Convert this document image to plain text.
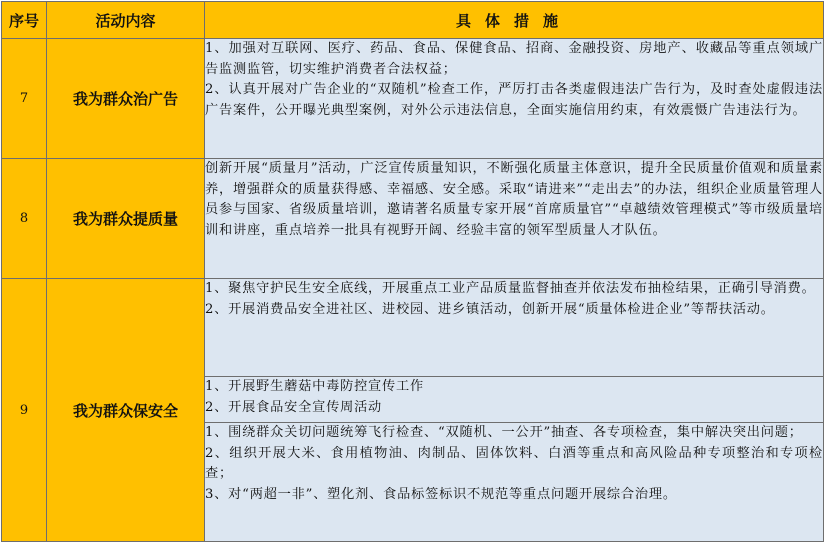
序号	活动内容	具体措施
7	我为群众治广告	1、加强对互联网、医疗、药品、食品、保健食品、招商、金融投资、房地产、收藏品等重点领域广告监测监管，切实维护消费者合法权益；

2、认真开展对广告企业的“双随机”检查工作，严厉打击各类虚假违法广告行为，及时查处虚假违法广告案件，公开曝光典型案例，对外公示违法信息，全面实施信用约束，有效震慑广告违法行为。

8	我为群众提质量	创新开展“质量月”活动，广泛宣传质量知识，不断强化质量主体意识，提升全民质量价值观和质量素养，增强群众的质量获得感、幸福感、安全感。采取“请进来”“走出去”的办法，组织企业质量管理人员参与国家、省级质量培训，邀请著名质量专家开展“首席质量官”“卓越绩效管理模式”等市级质量培训和讲座，重点培养一批具有视野开阔、经验丰富的领军型质量人才队伍。

9	我为群众保安全	1、聚焦守护民生安全底线，开展重点工业产品质量监督抽查并依法发布抽检结果，正确引导消费。

2、开展消费品安全进社区、进校园、进乡镇活动，创新开展“质量体检进企业”等帮扶活动。

		1、开展野生蘑菇中毒防控宣传工作

2、开展食品安全宣传周活动

		1、围绕群众关切问题统筹飞行检查、“双随机、一公开”抽查、各专项检查，集中解决突出问题；

2、组织开展大米、食用植物油、肉制品、固体饮料、白酒等重点和高风险品种专项整治和专项检查；

3、对“两超一非”、塑化剂、食品标签标识不规范等重点问题开展综合治理。
